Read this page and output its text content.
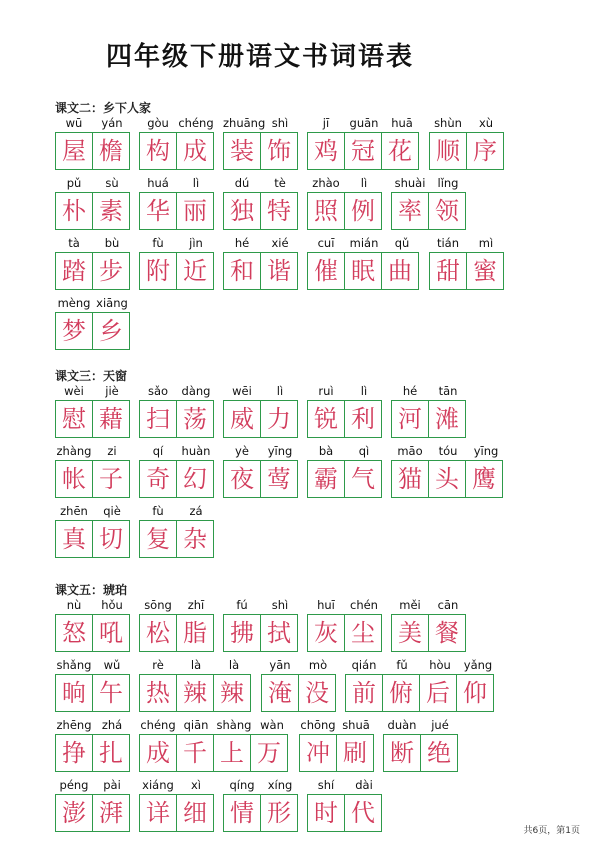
四年级下册语文书词语表
课文二：乡下人家
wū	yán
屋 檐
gòu chéng
构 成
zhuāng shì
装 饰
jī	guān	huā
鸡 冠 花
shùn	xù
顺 序
pǔ	sù
朴 素
huá	lì
华 丽
dú	tè
独 特
zhào	lì
照 例
shuài	lǐng
率 领
tà	bù
踏 步
fù	jìn
附 近
hé	xié
和 谐
cuī	mián	qǔ
催 眠 曲
tián	mì
甜 蜜
mèng xiāng
梦 乡
课文三：天窗
wèi	jiè
慰 藉
sǎo	dàng
扫 荡
wēi	lì
威 力
ruì	lì
锐 利
hé	tān
河 滩
zhàng	zi
帐 子
qí	huàn
奇 幻
yè	yīng
夜 莺
bà	qì
霸 气
māo	tóu	yīng
猫 头 鹰
zhēn	qiè
真 切
fù	zá
复 杂
课文五：琥珀
nù	hǒu
怒 吼
sōng	zhī
松 脂
fú	shì
拂 拭
huī	chén
灰 尘
měi	cān
美 餐
shǎng	wǔ
晌 午
rè	là	là
热 辣 辣
yān	mò
淹 没
qián	fǔ	hòu	yǎng
前 俯 后 仰
zhēng zhá
挣 扎
chéng qiān shàng wàn
成 千 上 万
chōng shuā
冲 刷
duàn	jué
断 绝
péng	pài
澎 湃
xiáng	xì
详 细
qíng	xíng
情 形
shí	dài
时 代
共6页，第1页
